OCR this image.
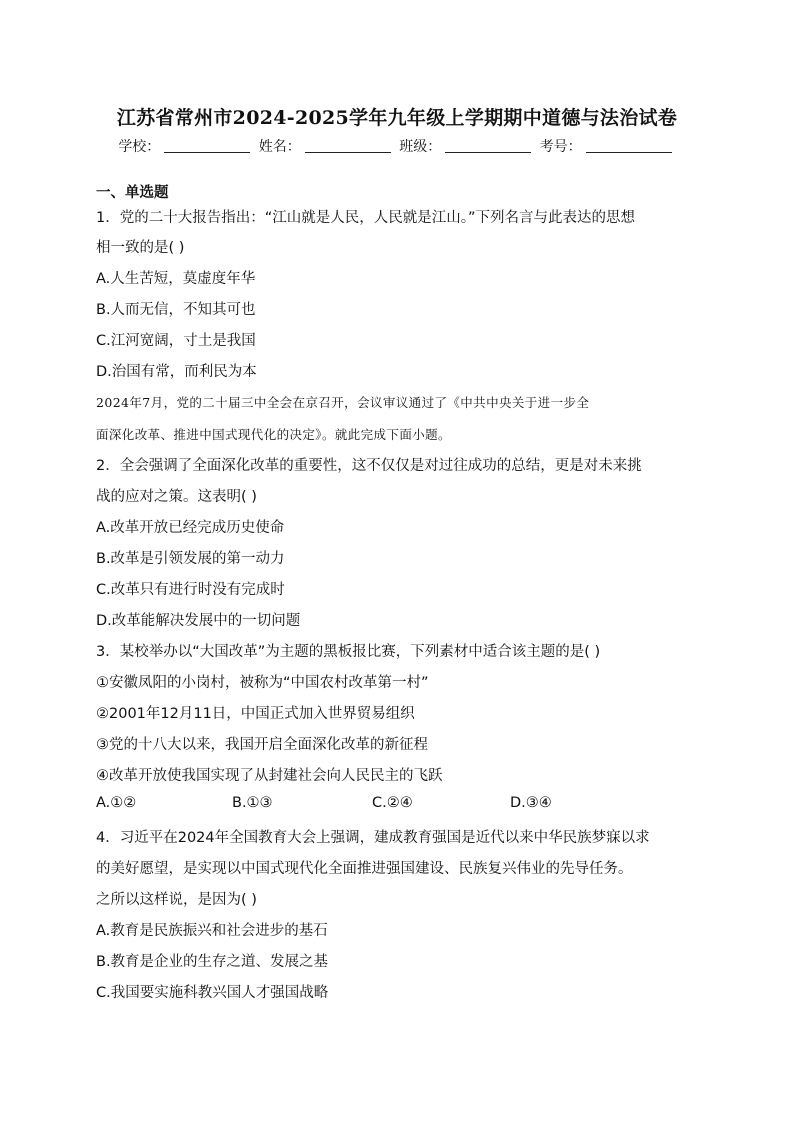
江苏省常州市2024-2025学年九年级上学期期中道德与法治试卷
学校：	姓名：	班级：	考号：
一、单选题
1．党的二十大报告指出：“江山就是人民，人民就是江山。”下列名言与此表达的思想
相一致的是( )
A.人生苦短，莫虚度年华
B.人而无信，不知其可也
C.江河宽阔，寸土是我国
D.治国有常，而利民为本
2024年7月，党的二十届三中全会在京召开，会议审议通过了《中共中央关于进一步全
面深化改革、推进中国式现代化的决定》。就此完成下面小题。
2．全会强调了全面深化改革的重要性，这不仅仅是对过往成功的总结，更是对未来挑
战的应对之策。这表明( )
A.改革开放已经完成历史使命
B.改革是引领发展的第一动力
C.改革只有进行时没有完成时
D.改革能解决发展中的一切问题
3．某校举办以“大国改革”为主题的黑板报比赛，下列素材中适合该主题的是( )
①安徽凤阳的小岗村，被称为“中国农村改革第一村”
②2001年12月11日，中国正式加入世界贸易组织
③党的十八大以来，我国开启全面深化改革的新征程
④改革开放使我国实现了从封建社会向人民民主的飞跃
A.①②	B.①③	C.②④	D.③④
4．习近平在2024年全国教育大会上强调，建成教育强国是近代以来中华民族梦寐以求
的美好愿望，是实现以中国式现代化全面推进强国建设、民族复兴伟业的先导任务。
之所以这样说，是因为( )
A.教育是民族振兴和社会进步的基石
B.教育是企业的生存之道、发展之基
C.我国要实施科教兴国人才强国战略
